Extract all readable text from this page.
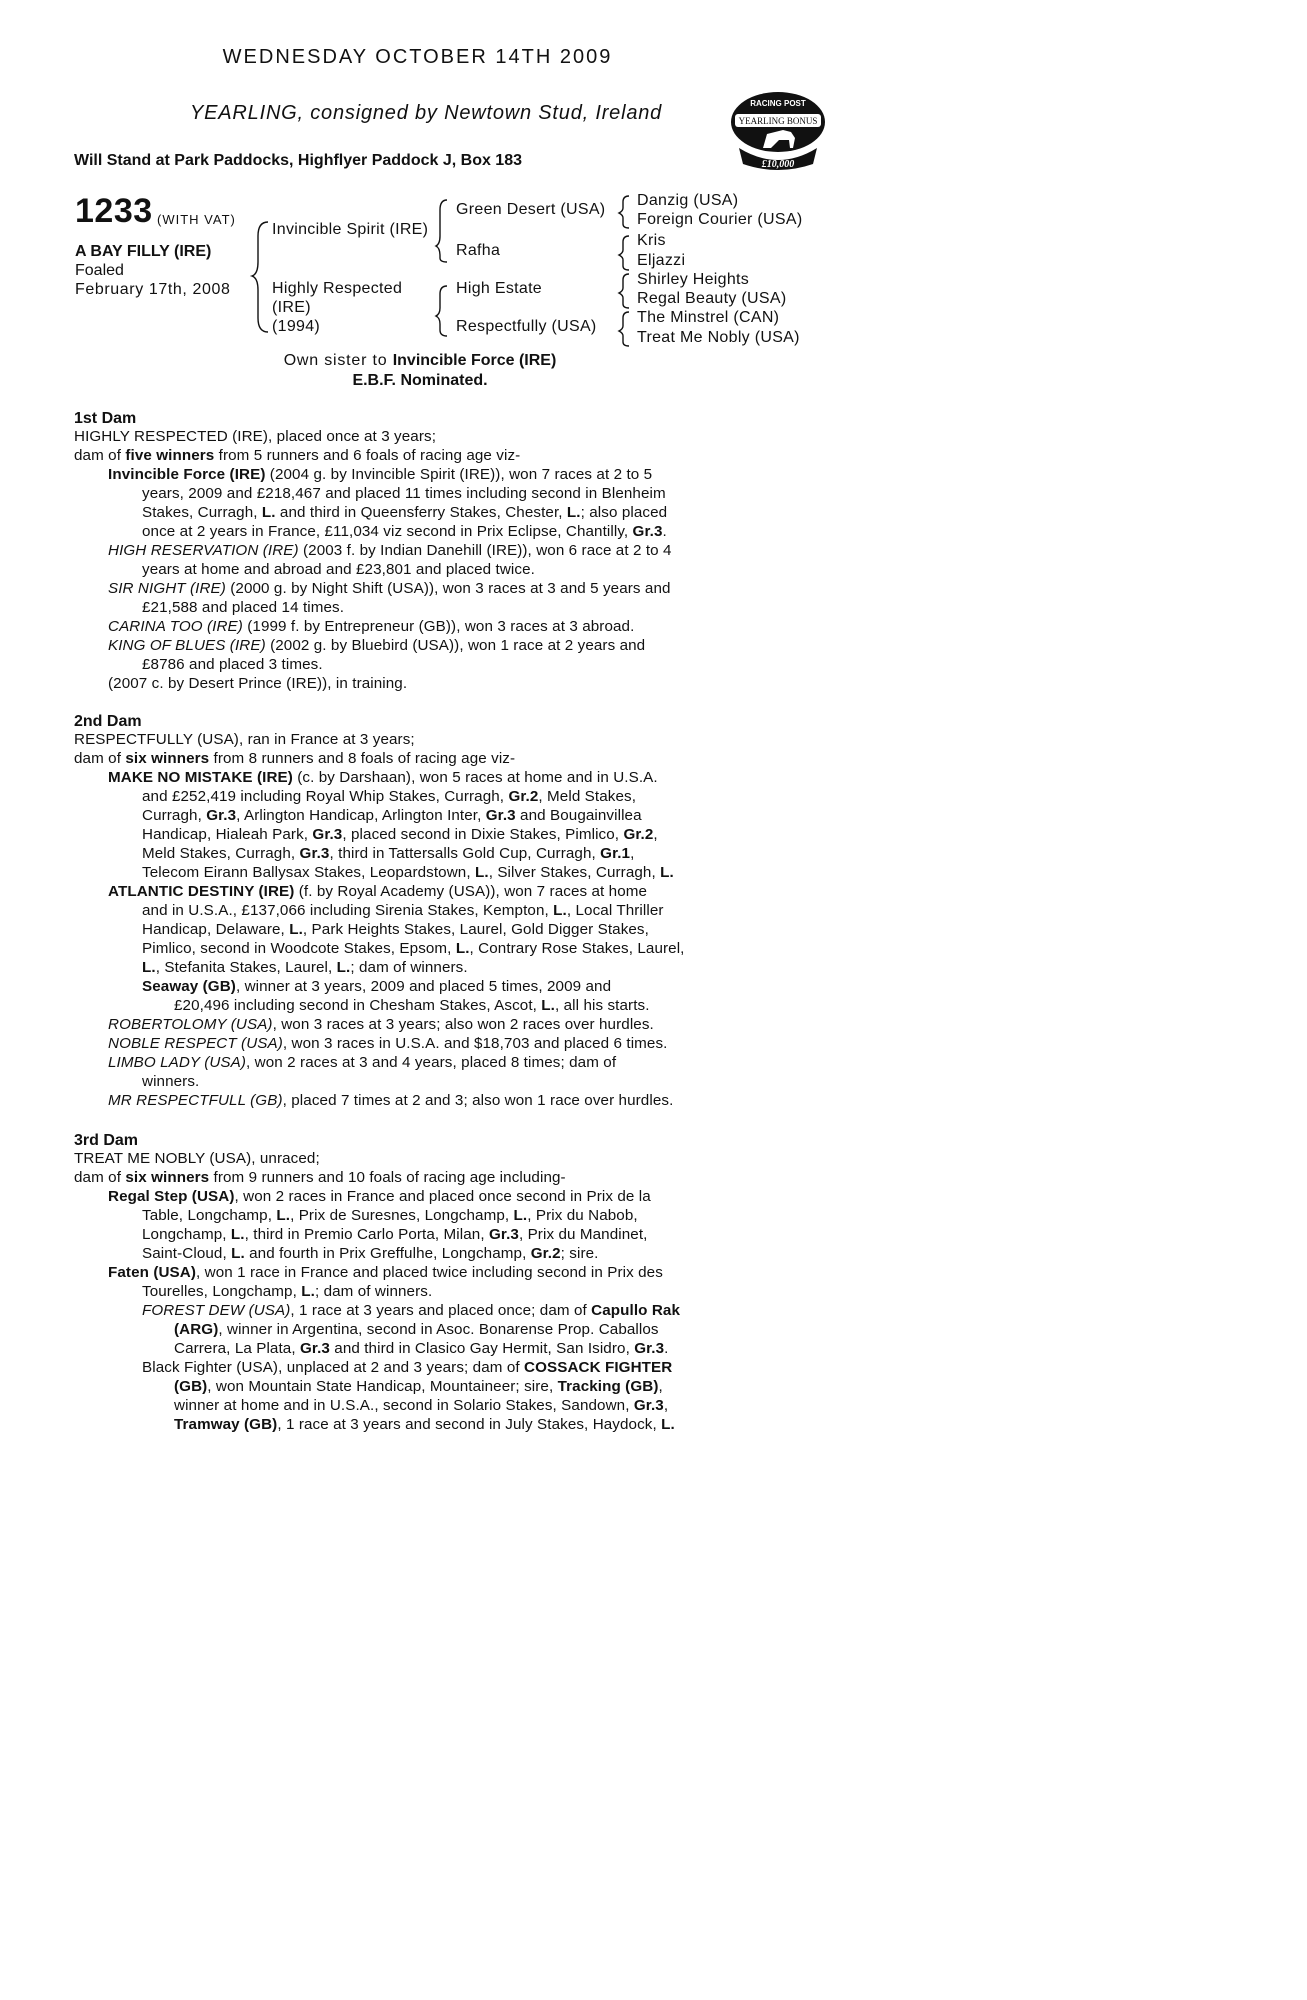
WEDNESDAY OCTOBER 14TH 2009
YEARLING, consigned by Newtown Stud, Ireland
Will Stand at Park Paddocks, Highflyer Paddock J, Box 183
RACING POST
YEARLING BONUS
£10,000
1233 (WITH VAT)
A BAY FILLY (IRE)
Foaled
February 17th, 2008
Invincible Spirit (IRE)
Highly Respected
(IRE)
(1994)
Green Desert (USA)
Rafha
High Estate
Respectfully (USA)
Danzig (USA)
Foreign Courier (USA)
Kris
Eljazzi
Shirley Heights
Regal Beauty (USA)
The Minstrel (CAN)
Treat Me Nobly (USA)
Own sister to Invincible Force (IRE)
E.B.F. Nominated.
1st Dam
HIGHLY RESPECTED (IRE), placed once at 3 years;
dam of five winners from 5 runners and 6 foals of racing age viz-
Invincible Force (IRE) (2004 g. by Invincible Spirit (IRE)), won 7 races at 2 to 5
years, 2009 and £218,467 and placed 11 times including second in Blenheim
Stakes, Curragh, L. and third in Queensferry Stakes, Chester, L.; also placed
once at 2 years in France, £11,034 viz second in Prix Eclipse, Chantilly, Gr.3.
HIGH RESERVATION (IRE) (2003 f. by Indian Danehill (IRE)), won 6 race at 2 to 4
years at home and abroad and £23,801 and placed twice.
SIR NIGHT (IRE) (2000 g. by Night Shift (USA)), won 3 races at 3 and 5 years and
£21,588 and placed 14 times.
CARINA TOO (IRE) (1999 f. by Entrepreneur (GB)), won 3 races at 3 abroad.
KING OF BLUES (IRE) (2002 g. by Bluebird (USA)), won 1 race at 2 years and
£8786 and placed 3 times.
(2007 c. by Desert Prince (IRE)), in training.
2nd Dam
RESPECTFULLY (USA), ran in France at 3 years;
dam of six winners from 8 runners and 8 foals of racing age viz-
MAKE NO MISTAKE (IRE) (c. by Darshaan), won 5 races at home and in U.S.A.
and £252,419 including Royal Whip Stakes, Curragh, Gr.2, Meld Stakes,
Curragh, Gr.3, Arlington Handicap, Arlington Inter, Gr.3 and Bougainvillea
Handicap, Hialeah Park, Gr.3, placed second in Dixie Stakes, Pimlico, Gr.2,
Meld Stakes, Curragh, Gr.3, third in Tattersalls Gold Cup, Curragh, Gr.1,
Telecom Eirann Ballysax Stakes, Leopardstown, L., Silver Stakes, Curragh, L.
ATLANTIC DESTINY (IRE) (f. by Royal Academy (USA)), won 7 races at home
and in U.S.A., £137,066 including Sirenia Stakes, Kempton, L., Local Thriller
Handicap, Delaware, L., Park Heights Stakes, Laurel, Gold Digger Stakes,
Pimlico, second in Woodcote Stakes, Epsom, L., Contrary Rose Stakes, Laurel,
L., Stefanita Stakes, Laurel, L.; dam of winners.
Seaway (GB), winner at 3 years, 2009 and placed 5 times, 2009 and
£20,496 including second in Chesham Stakes, Ascot, L., all his starts.
ROBERTOLOMY (USA), won 3 races at 3 years; also won 2 races over hurdles.
NOBLE RESPECT (USA), won 3 races in U.S.A. and $18,703 and placed 6 times.
LIMBO LADY (USA), won 2 races at 3 and 4 years, placed 8 times; dam of
winners.
MR RESPECTFULL (GB), placed 7 times at 2 and 3; also won 1 race over hurdles.
3rd Dam
TREAT ME NOBLY (USA), unraced;
dam of six winners from 9 runners and 10 foals of racing age including-
Regal Step (USA), won 2 races in France and placed once second in Prix de la
Table, Longchamp, L., Prix de Suresnes, Longchamp, L., Prix du Nabob,
Longchamp, L., third in Premio Carlo Porta, Milan, Gr.3, Prix du Mandinet,
Saint-Cloud, L. and fourth in Prix Greffulhe, Longchamp, Gr.2; sire.
Faten (USA), won 1 race in France and placed twice including second in Prix des
Tourelles, Longchamp, L.; dam of winners.
FOREST DEW (USA), 1 race at 3 years and placed once; dam of Capullo Rak
(ARG), winner in Argentina, second in Asoc. Bonarense Prop. Caballos
Carrera, La Plata, Gr.3 and third in Clasico Gay Hermit, San Isidro, Gr.3.
Black Fighter (USA), unplaced at 2 and 3 years; dam of COSSACK FIGHTER
(GB), won Mountain State Handicap, Mountaineer; sire, Tracking (GB),
winner at home and in U.S.A., second in Solario Stakes, Sandown, Gr.3,
Tramway (GB), 1 race at 3 years and second in July Stakes, Haydock, L.
